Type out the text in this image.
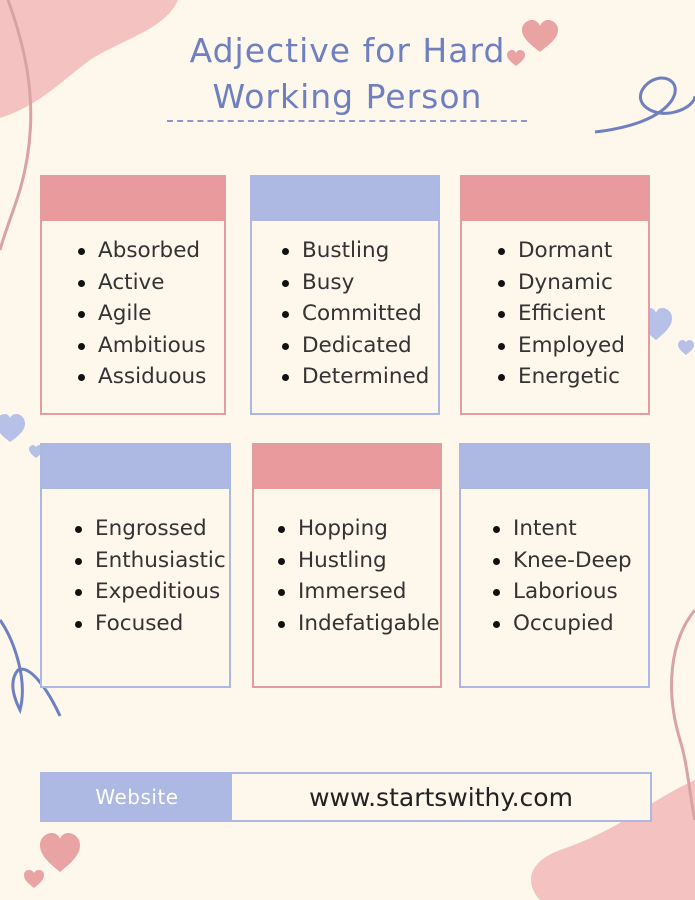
Adjective for Hard
Working Person
Absorbed
Active
Agile
Ambitious
Assiduous
Bustling
Busy
Committed
Dedicated
Determined
Dormant
Dynamic
Efficient
Employed
Energetic
Engrossed
Enthusiastic
Expeditious
Focused
Hopping
Hustling
Immersed
Indefatigable
Intent
Knee-Deep
Laborious
Occupied
Website	www.startswithy.com
